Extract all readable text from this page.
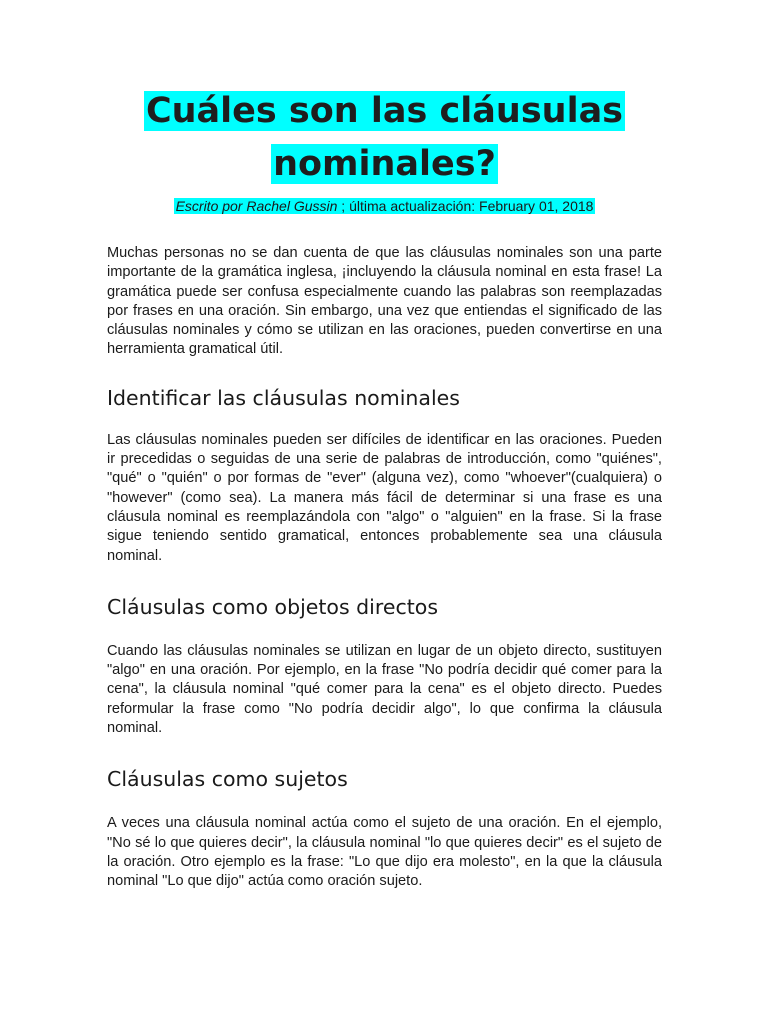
Cuáles son las cláusulas nominales?
Escrito por Rachel Gussin ; última actualización: February 01, 2018

Muchas personas no se dan cuenta de que las cláusulas nominales son una parte importante de la gramática inglesa, ¡incluyendo la cláusula nominal en esta frase! La gramática puede ser confusa especialmente cuando las palabras son reemplazadas por frases en una oración. Sin embargo, una vez que entiendas el significado de las cláusulas nominales y cómo se utilizan en las oraciones, pueden convertirse en una herramienta gramatical útil.

Identificar las cláusulas nominales

Las cláusulas nominales pueden ser difíciles de identificar en las oraciones. Pueden ir precedidas o seguidas de una serie de palabras de introducción, como "quiénes", "qué" o "quién" o por formas de "ever" (alguna vez), como "whoever"(cualquiera) o "however" (como sea). La manera más fácil de determinar si una frase es una cláusula nominal es reemplazándola con "algo" o "alguien" en la frase. Si la frase sigue teniendo sentido gramatical, entonces probablemente sea una cláusula nominal.

Cláusulas como objetos directos

Cuando las cláusulas nominales se utilizan en lugar de un objeto directo, sustituyen "algo" en una oración. Por ejemplo, en la frase "No podría decidir qué comer para la cena", la cláusula nominal "qué comer para la cena" es el objeto directo. Puedes reformular la frase como "No podría decidir algo", lo que confirma la cláusula nominal.

Cláusulas como sujetos

A veces una cláusula nominal actúa como el sujeto de una oración. En el ejemplo, "No sé lo que quieres decir", la cláusula nominal "lo que quieres decir" es el sujeto de la oración. Otro ejemplo es la frase: "Lo que dijo era molesto", en la que la cláusula nominal "Lo que dijo" actúa como oración sujeto.
